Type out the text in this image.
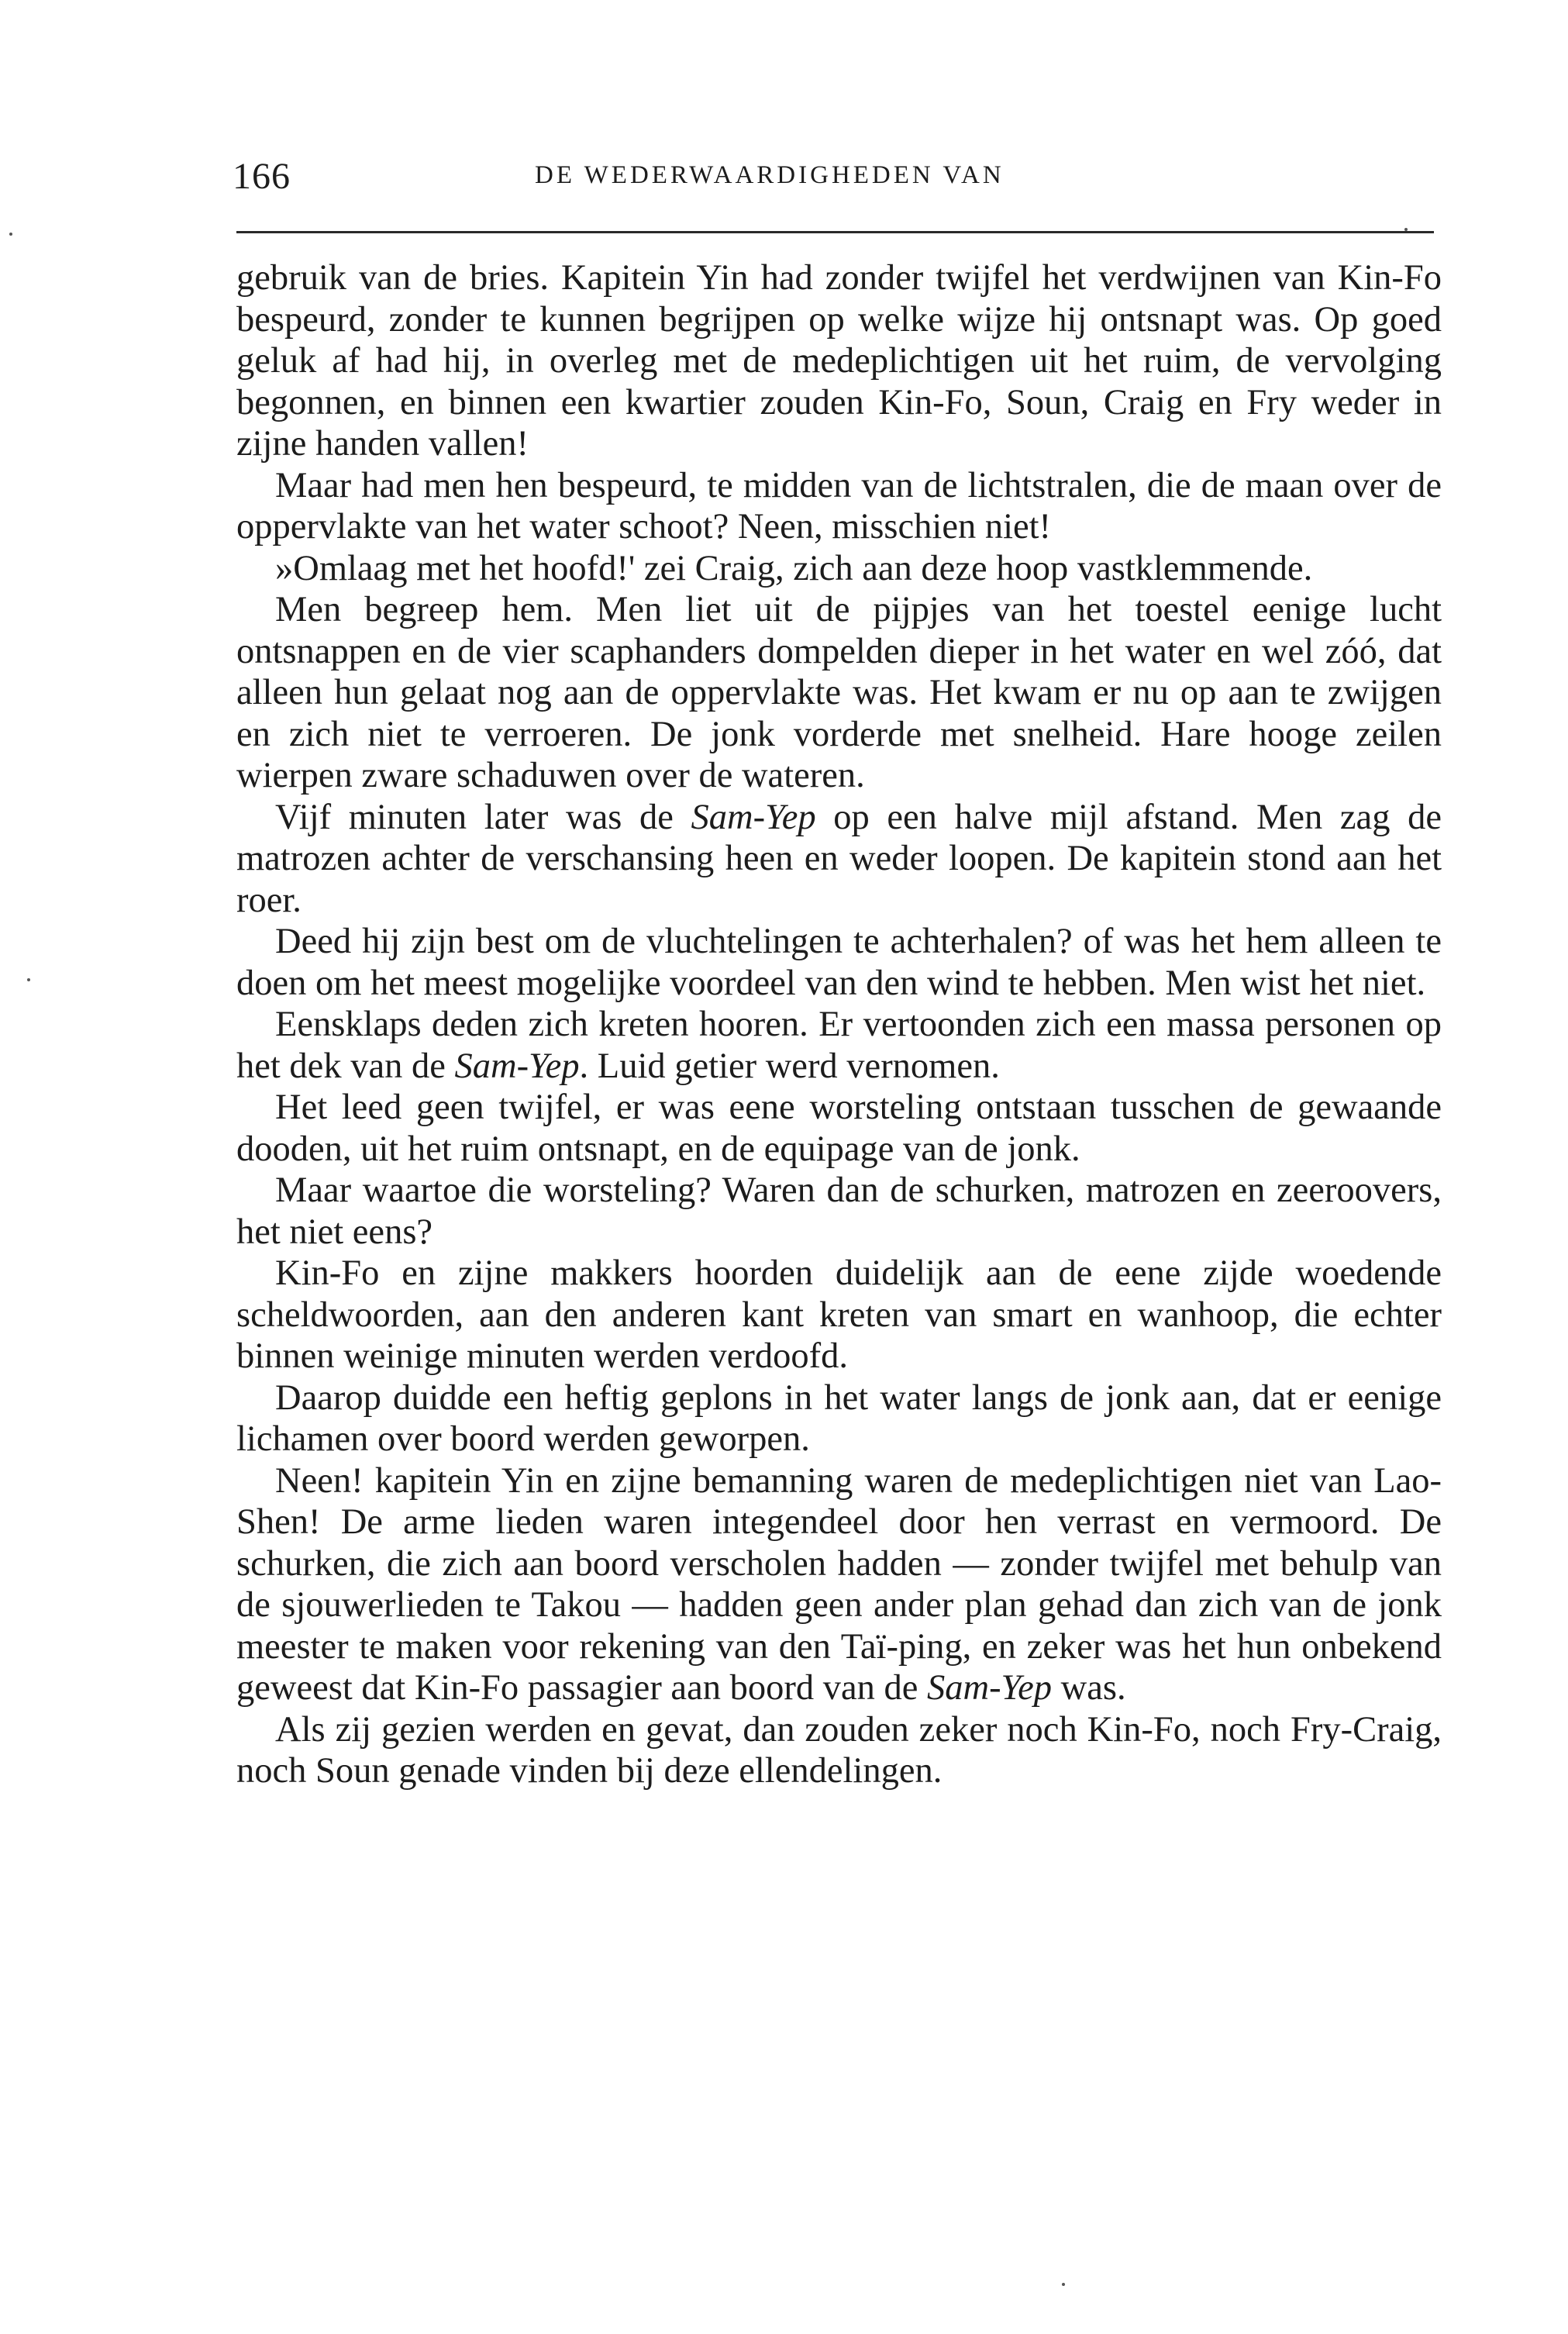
166	DE WEDERWAARDIGHEDEN VAN

gebruik van de bries. Kapitein Yin had zonder twijfel het verdwijnen van Kin-Fo bespeurd, zonder te kunnen begrijpen op welke wijze hij ontsnapt was. Op goed geluk af had hij, in overleg met de medeplichtigen uit het ruim, de vervolging begonnen, en binnen een kwartier zouden Kin-Fo, Soun, Craig en Fry weder in zijne handen vallen!

Maar had men hen bespeurd, te midden van de lichtstralen, die de maan over de oppervlakte van het water schoot? Neen, misschien niet!

»Omlaag met het hoofd!' zei Craig, zich aan deze hoop vastklemmende.

Men begreep hem. Men liet uit de pijpjes van het toestel eenige lucht ontsnappen en de vier scaphanders dompelden dieper in het water en wel zóó, dat alleen hun gelaat nog aan de oppervlakte was. Het kwam er nu op aan te zwijgen en zich niet te verroeren. De jonk vorderde met snelheid. Hare hooge zeilen wierpen zware schaduwen over de wateren.

Vijf minuten later was de Sam-Yep op een halve mijl afstand. Men zag de matrozen achter de verschansing heen en weder loopen. De kapitein stond aan het roer.

Deed hij zijn best om de vluchtelingen te achterhalen? of was het hem alleen te doen om het meest mogelijke voordeel van den wind te hebben. Men wist het niet.

Eensklaps deden zich kreten hooren. Er vertoonden zich een massa personen op het dek van de Sam-Yep. Luid getier werd vernomen.

Het leed geen twijfel, er was eene worsteling ontstaan tusschen de gewaande dooden, uit het ruim ontsnapt, en de equipage van de jonk.

Maar waartoe die worsteling? Waren dan de schurken, matrozen en zeeroovers, het niet eens?

Kin-Fo en zijne makkers hoorden duidelijk aan de eene zijde woedende scheldwoorden, aan den anderen kant kreten van smart en wanhoop, die echter binnen weinige minuten werden verdoofd.

Daarop duidde een heftig geplons in het water langs de jonk aan, dat er eenige lichamen over boord werden geworpen.

Neen! kapitein Yin en zijne bemanning waren de medeplichtigen niet van Lao-Shen! De arme lieden waren integendeel door hen verrast en vermoord. De schurken, die zich aan boord verscholen hadden — zonder twijfel met behulp van de sjouwerlieden te Takou — hadden geen ander plan gehad dan zich van de jonk meester te maken voor rekening van den Taï-ping, en zeker was het hun onbekend geweest dat Kin-Fo passagier aan boord van de Sam-Yep was.

Als zij gezien werden en gevat, dan zouden zeker noch Kin-Fo, noch Fry-Craig, noch Soun genade vinden bij deze ellendelingen.
